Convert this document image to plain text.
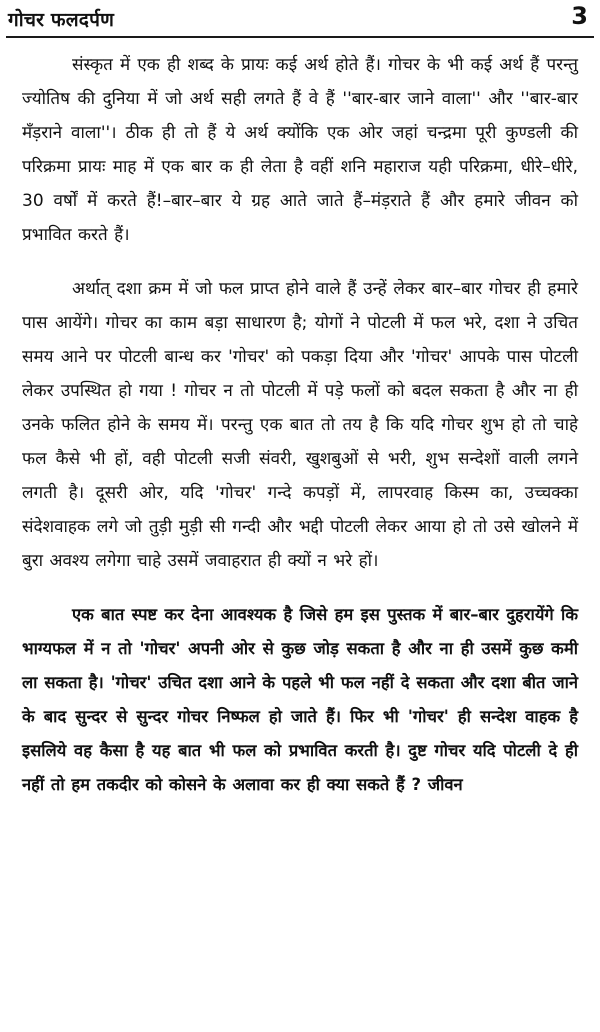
गोचर फलदर्पण	3

संस्कृत में एक ही शब्द के प्रायः कई अर्थ होते हैं। गोचर के भी कई अर्थ हैं परन्तु ज्योतिष की दुनिया में जो अर्थ सही लगते हैं वे हैं ''बार-बार जाने वाला'' और ''बार-बार मँड़राने वाला''। ठीक ही तो हैं ये अर्थ क्योंकि एक ओर जहां चन्द्रमा पूरी कुण्डली की परिक्रमा प्रायः माह में एक बार क ही लेता है वहीं शनि महाराज यही परिक्रमा, धीरे–धीरे, 30 वर्षों में करते हैं!–बार–बार ये ग्रह आते जाते हैं–मंड़राते हैं और हमारे जीवन को प्रभावित करते हैं।

अर्थात् दशा क्रम में जो फल प्राप्त होने वाले हैं उन्हें लेकर बार–बार गोचर ही हमारे पास आयेंगे। गोचर का काम बड़ा साधारण है; योगों ने पोटली में फल भरे, दशा ने उचित समय आने पर पोटली बान्ध कर 'गोचर' को पकड़ा दिया और 'गोचर' आपके पास पोटली लेकर उपस्थित हो गया ! गोचर न तो पोटली में पड़े फलों को बदल सकता है और ना ही उनके फलित होने के समय में। परन्तु एक बात तो तय है कि यदि गोचर शुभ हो तो चाहे फल कैसे भी हों, वही पोटली सजी संवरी, खुशबुओं से भरी, शुभ सन्देशों वाली लगने लगती है। दूसरी ओर, यदि 'गोचर' गन्दे कपड़ों में, लापरवाह किस्म का, उच्चक्का संदेशवाहक लगे जो तुड़ी मुड़ी सी गन्दी और भद्दी पोटली लेकर आया हो तो उसे खोलने में बुरा अवश्य लगेगा चाहे उसमें जवाहरात ही क्यों न भरे हों।

एक बात स्पष्ट कर देना आवश्यक है जिसे हम इस पुस्तक में बार–बार दुहरायेंगे कि भाग्यफल में न तो 'गोचर' अपनी ओर से कुछ जोड़ सकता है और ना ही उसमें कुछ कमी ला सकता है। 'गोचर' उचित दशा आने के पहले भी फल नहीं दे सकता और दशा बीत जाने के बाद सुन्दर से सुन्दर गोचर निष्फल हो जाते हैं। फिर भी 'गोचर' ही सन्देश वाहक है इसलिये वह कैसा है यह बात भी फल को प्रभावित करती है। दुष्ट गोचर यदि पोटली दे ही नहीं तो हम तकदीर को कोसने के अलावा कर ही क्या सकते हैं ? जीवन
